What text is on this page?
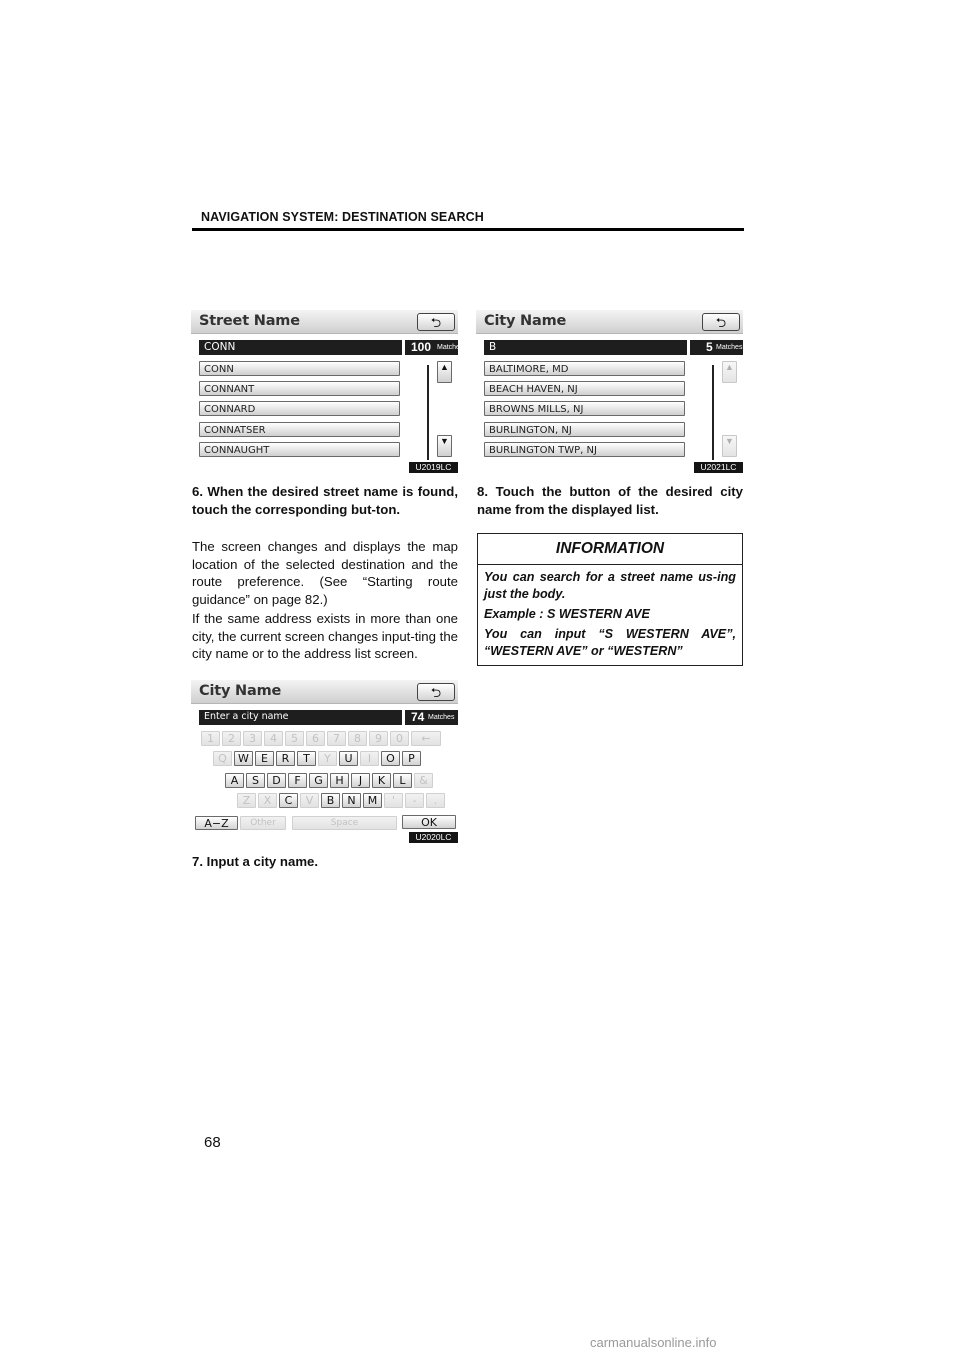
NAVIGATION SYSTEM: DESTINATION SEARCH
Street Name	⮌
CONN	100 Matches
CONN
CONNANT
CONNARD
CONNATSER
CONNAUGHT
▲
▼
U2019LC
City Name	⮌
B	5 Matches
BALTIMORE, MD
BEACH HAVEN, NJ
BROWNS MILLS, NJ
BURLINGTON, NJ
BURLINGTON TWP, NJ
▲
▼
U2021LC
6. When the desired street name is found, touch the corresponding but-ton.
The screen changes and displays the map location of the selected destination and the route preference. (See “Starting route guidance” on page 82.)
If the same address exists in more than one city, the current screen changes input-ting the city name or to the address list screen.
8. Touch the button of the desired city name from the displayed list.
INFORMATION

You can search for a street name us-ing just the body.

Example : S WESTERN AVE

You can input “S WESTERN AVE”, “WESTERN AVE” or “WESTERN”

City Name	⮌
Enter a city name	74 Matches
1	2	3	4	5	6	7	8	9	0	←
Q	W	E	R	T	Y	U	I	O	P
A	S	D	F	G	H	J	K	L	&
Z	X	C	V	B	N	M	'	-	.
A−Z	Other	Space	OK
U2020LC
7. Input a city name.
68
carmanualsonline.info
